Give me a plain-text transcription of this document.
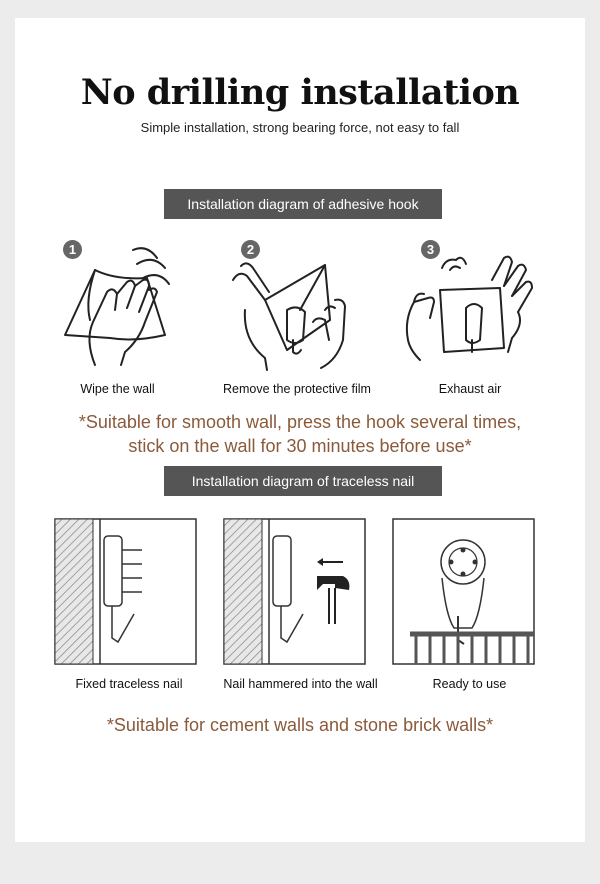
No drilling installation
Simple installation, strong bearing force, not easy to fall
Installation diagram of adhesive hook
1
Wipe the wall
2
Remove the protective film
3
Exhaust air
*Suitable for smooth wall, press the hook several times,
stick on the wall for 30 minutes before use*
Installation diagram of traceless nail
Fixed traceless nail	Nail hammered into the wall	Ready to use
*Suitable for cement walls and stone brick walls*
